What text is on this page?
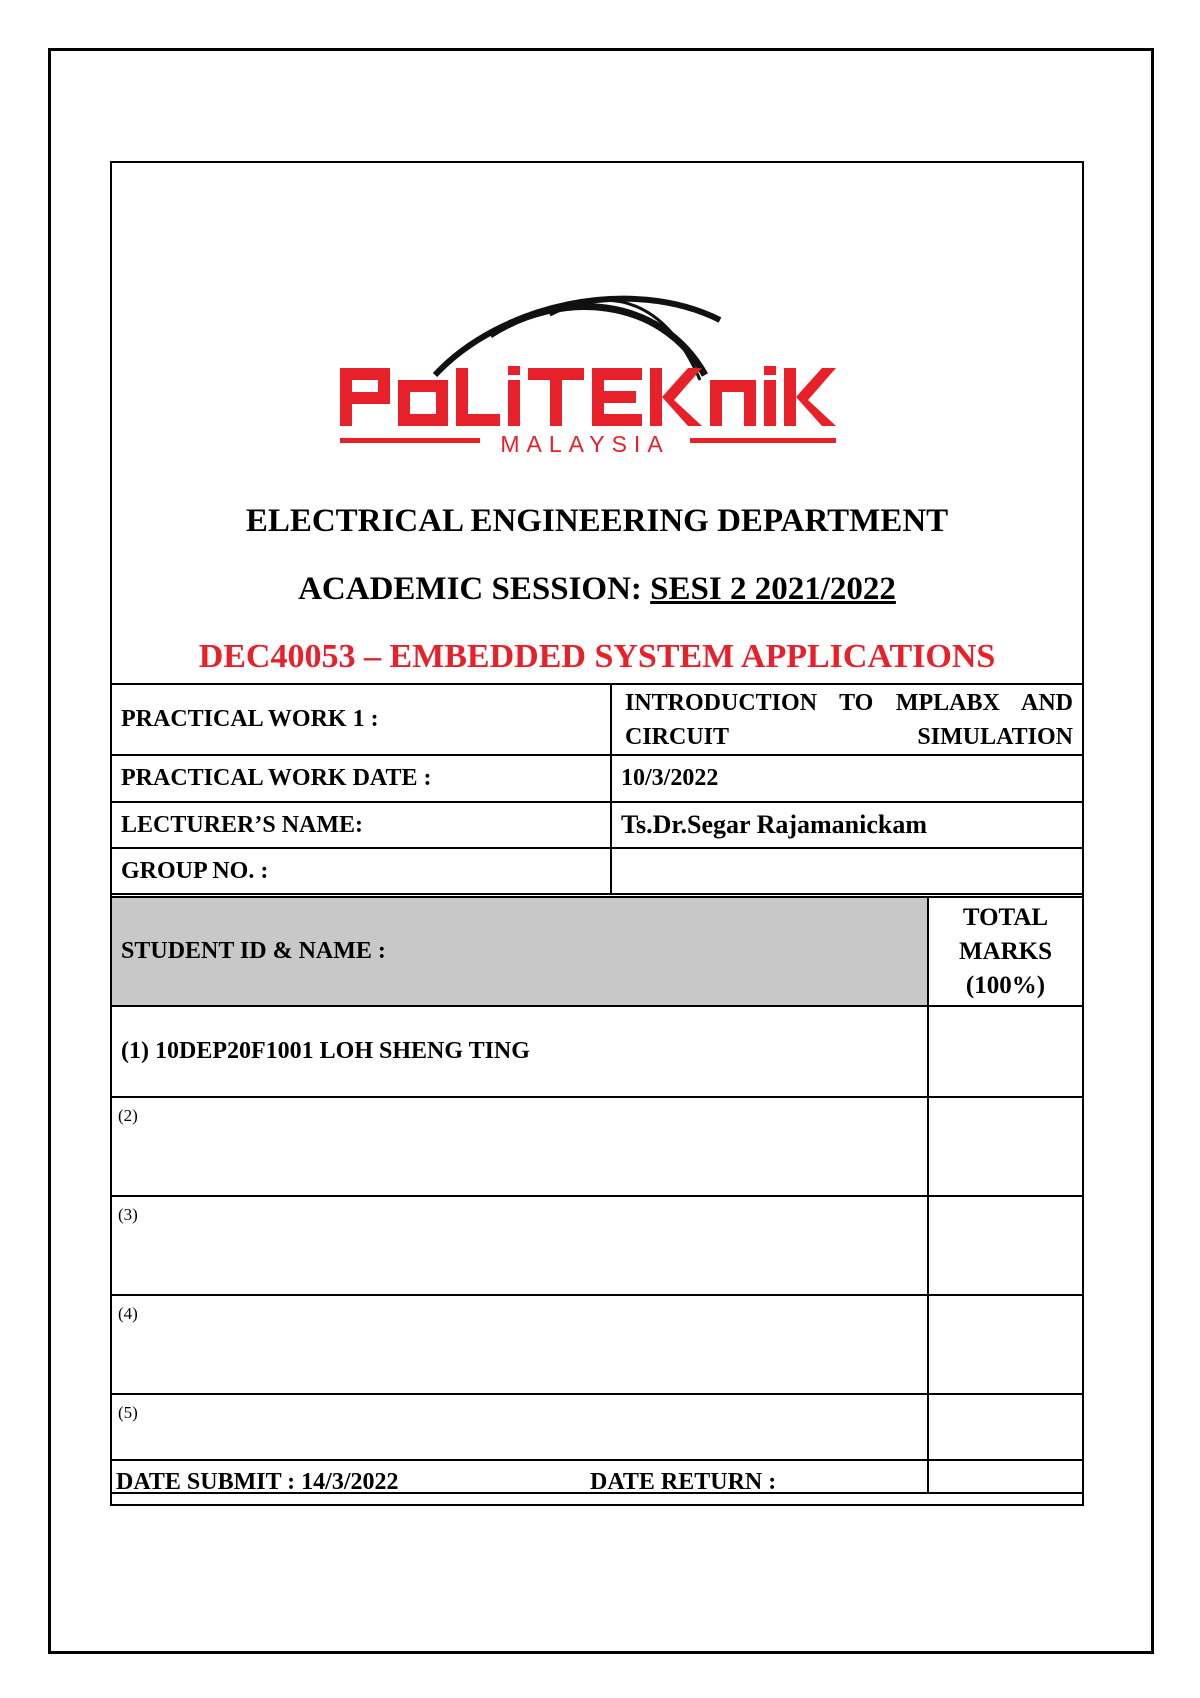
MALAYSIA
ELECTRICAL ENGINEERING DEPARTMENT
ACADEMIC SESSION: SESI 2 2021/2022
DEC40053 – EMBEDDED SYSTEM APPLICATIONS
PRACTICAL WORK 1 :	INTRODUCTION TO MPLABX AND CIRCUIT SIMULATION
PRACTICAL WORK DATE :	10/3/2022
LECTURER’S NAME:	Ts.Dr.Segar Rajamanickam
GROUP NO. :	
STUDENT ID & NAME :	TOTAL
MARKS
(100%)

(1) 10DEP20F1001 LOH SHENG TING	
(2)	
(3)	
(4)	
(5)	
DATE SUBMIT : 14/3/2022	DATE RETURN :
